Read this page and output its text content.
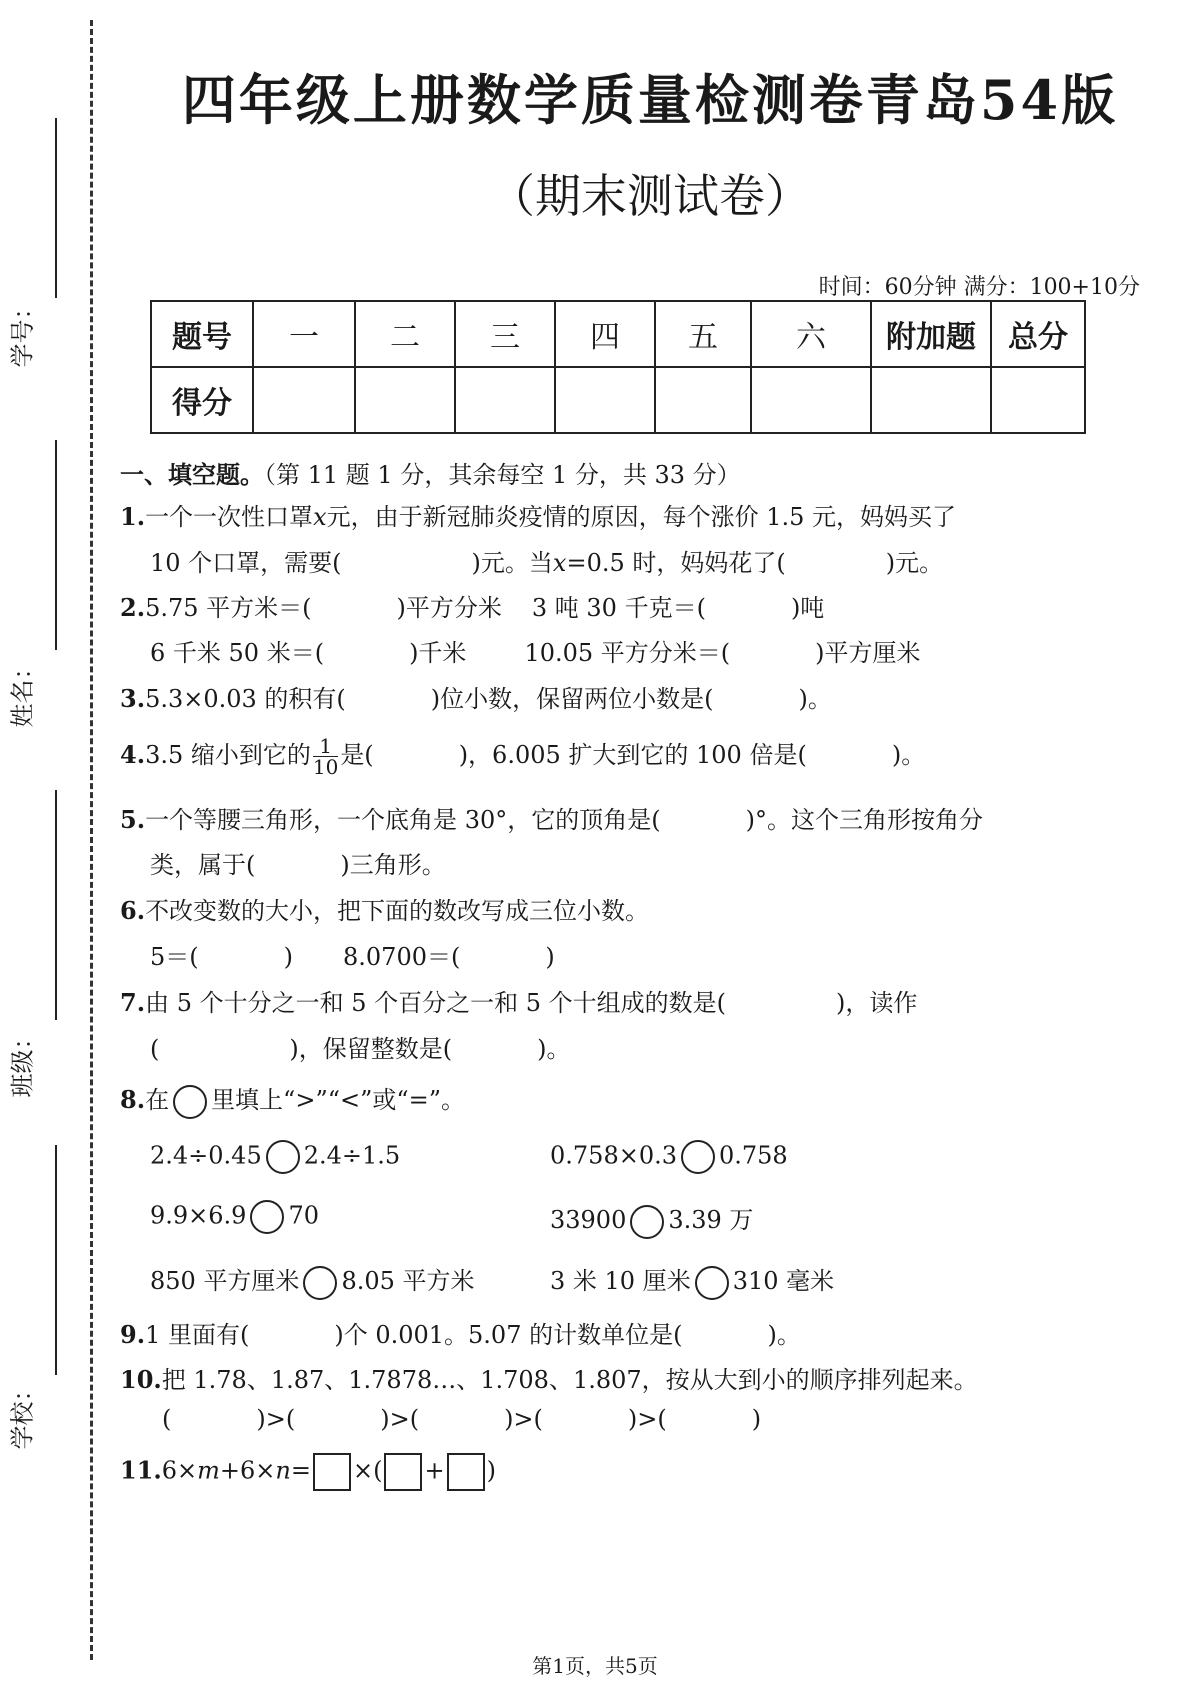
学号：
姓名：
班级：
学校：
四年级上册数学质量检测卷青岛54版
（期末测试卷）
时间：60分钟 满分：100+10分
题号	一	二	三	四	五	六	附加题	总分
得分								
一、填空题。（第 11 题 1 分，其余每空 1 分，共 33 分）
1.一个一次性口罩x元，由于新冠肺炎疫情的原因，每个涨价 1.5 元，妈妈买了
10 个口罩，需要(	)元。当x=0.5 时，妈妈花了(	)元。
2.5.75 平方米＝(	)平方分米 3 吨 30 千克＝(	)吨
6 千米 50 米＝(	)千米 10.05 平方分米＝(	)平方厘米
3.5.3×0.03 的积有(	)位小数，保留两位小数是(	)。
4.3.5 缩小到它的 $\frac{1}{10}$ 是(	)，6.005 扩大到它的 100 倍是(	)。
5.一个等腰三角形，一个底角是 30°，它的顶角是(	)°。这个三角形按角分
类，属于(	)三角形。
6.不改变数的大小，把下面的数改写成三位小数。
5＝(	) 8.0700＝(	)
7.由 5 个十分之一和 5 个百分之一和 5 个十组成的数是(	)，读作
(	)，保留整数是(	)。
8.在 里填上“>”“<”或“=”。
2.4÷0.45 2.4÷1.5	0.758×0.3 0.758
9.9×6.9 70	33900 3.39 万
850 平方厘米 8.05 平方米	3 米 10 厘米 310 毫米
9.1 里面有(	)个 0.001。5.07 的计数单位是(	)。
10.把 1.78、1.87、1.7878…、1.708、1.807，按从大到小的顺序排列起来。
(	)>(	)>(	)>(	)>(	)
11.6×m+6×n= ×( + )
第1页，共5页
